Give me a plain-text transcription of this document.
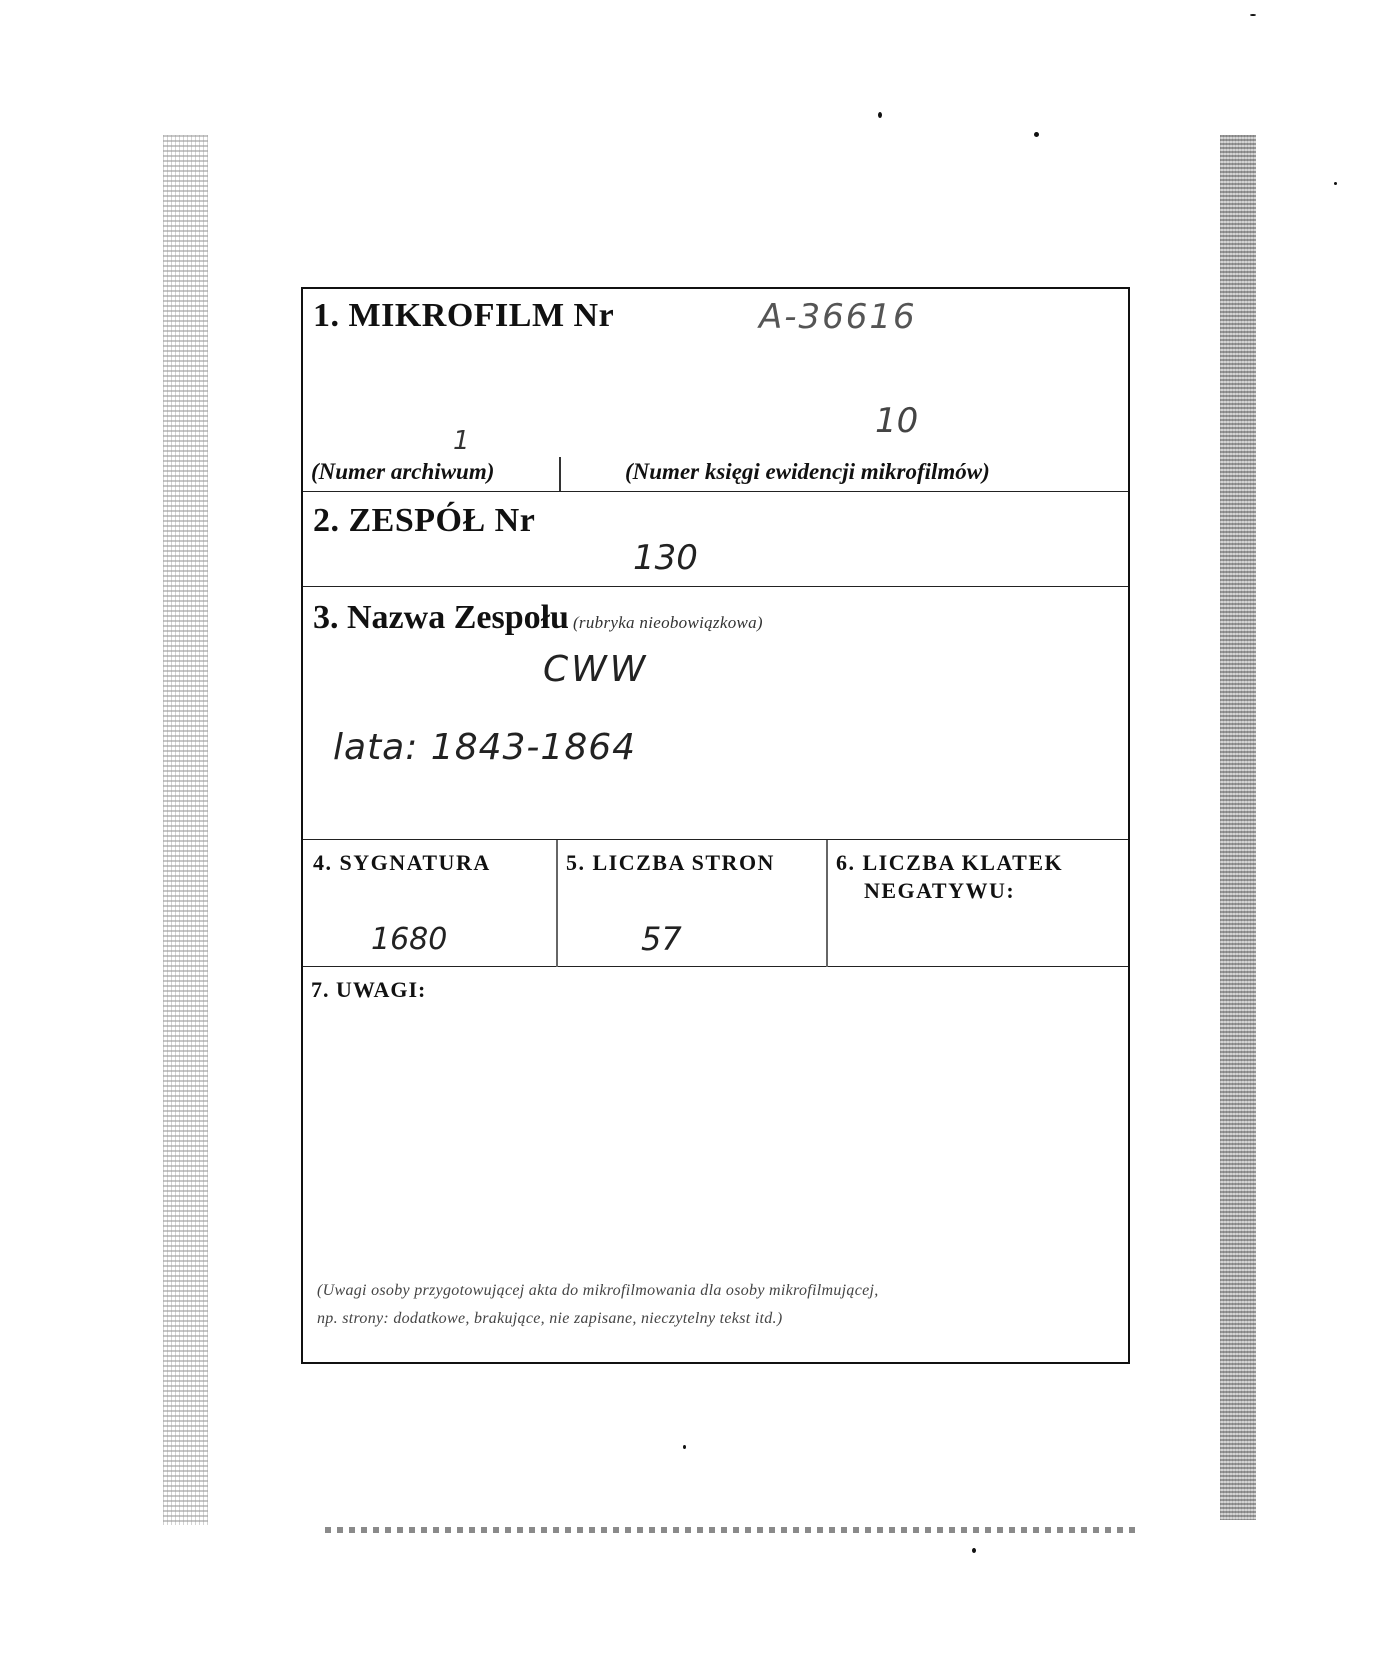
1. MIKROFILM Nr	A-36616
10
1
(Numer archiwum)	(Numer księgi ewidencji mikrofilmów)
2. ZESPÓŁ Nr
130
3. Nazwa Zespołu (rubryka nieobowiązkowa)
CWW
lata: 1843-1864
4. SYGNATURA
1680
5. LICZBA STRON
57
6. LICZBA KLATEK
NEGATYWU:
7. UWAGI:
(Uwagi osoby przygotowującej akta do mikrofilmowania dla osoby mikrofilmującej,
np. strony: dodatkowe, brakujące, nie zapisane, nieczytelny tekst itd.)
